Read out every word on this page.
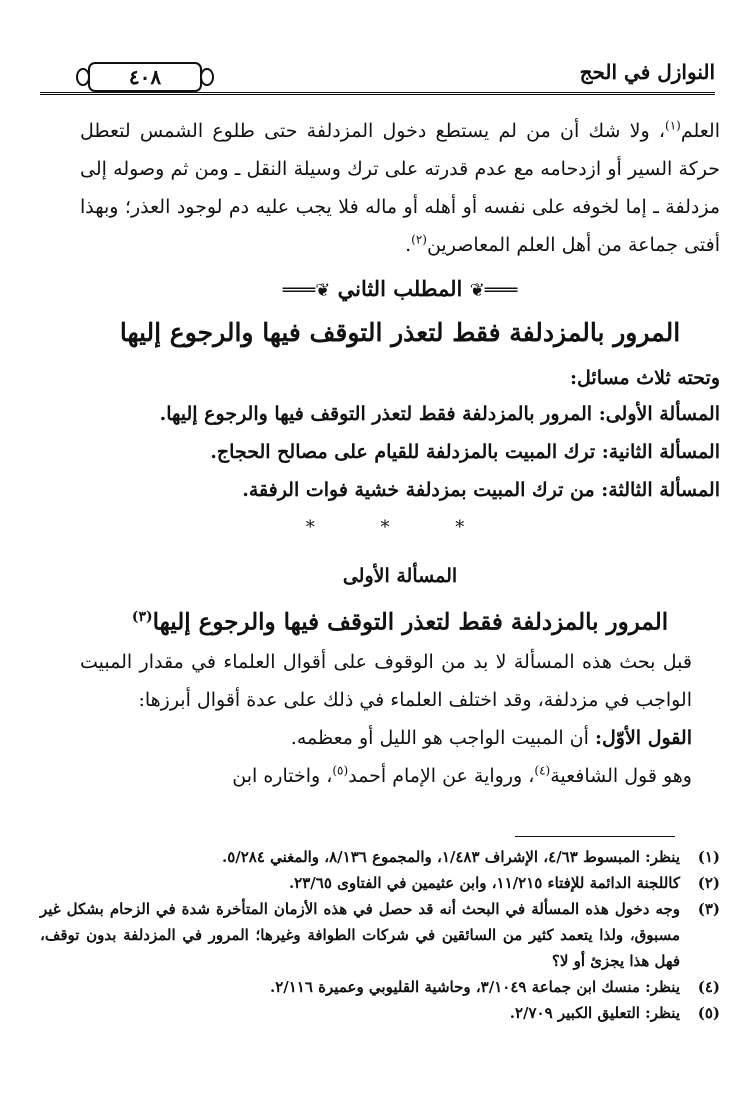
النوازل في الحج
٤٠٨

العلم$^{(١)}$، ولا شك أن من لم يستطع دخول المزدلفة حتى طلوع الشمس لتعطل حركة السير أو ازدحامه مع عدم قدرته على ترك وسيلة النقل ـ ومن ثم وصوله إلى مزدلفة ـ إما لخوفه على نفسه أو أهله أو ماله فلا يجب عليه دم لوجود العذر؛ وبهذا أفتى جماعة من أهل العلم المعاصرين$^{(٢)}$.

═══❦ المطلب الثاني ❦═══
المرور بالمزدلفة فقط لتعذر التوقف فيها والرجوع إليها
وتحته ثلاث مسائل:
المسألة الأولى: المرور بالمزدلفة فقط لتعذر التوقف فيها والرجوع إليها.
المسألة الثانية: ترك المبيت بالمزدلفة للقيام على مصالح الحجاج.
المسألة الثالثة: من ترك المبيت بمزدلفة خشية فوات الرفقة.
* * *
المسألة الأولى
المرور بالمزدلفة فقط لتعذر التوقف فيها والرجوع إليها$^{(٣)}$

قبل بحث هذه المسألة لا بد من الوقوف على أقوال العلماء في مقدار المبيت الواجب في مزدلفة، وقد اختلف العلماء في ذلك على عدة أقوال أبرزها:

القول الأوّل: أن المبيت الواجب هو الليل أو معظمه.

وهو قول الشافعية$^{(٤)}$، ورواية عن الإمام أحمد$^{(٥)}$، واختاره ابن

(١)
ينظر: المبسوط ٤/٦٣، الإشراف ١/٤٨٣، والمجموع ٨/١٣٦، والمغني ٥/٢٨٤.
(٢)
كاللجنة الدائمة للإفتاء ١١/٢١٥، وابن عثيمين في الفتاوى ٢٣/٦٥.
(٣)
وجه دخول هذه المسألة في البحث أنه قد حصل في هذه الأزمان المتأخرة شدة في الزحام بشكل غير مسبوق، ولذا يتعمد كثير من السائقين في شركات الطوافة وغيرها؛ المرور في المزدلفة بدون توقف، فهل هذا يجزئ أو لا؟
(٤)
ينظر: منسك ابن جماعة ٣/١٠٤٩، وحاشية القليوبي وعميرة ٢/١١٦.
(٥)
ينظر: التعليق الكبير ٢/٧٠٩.
